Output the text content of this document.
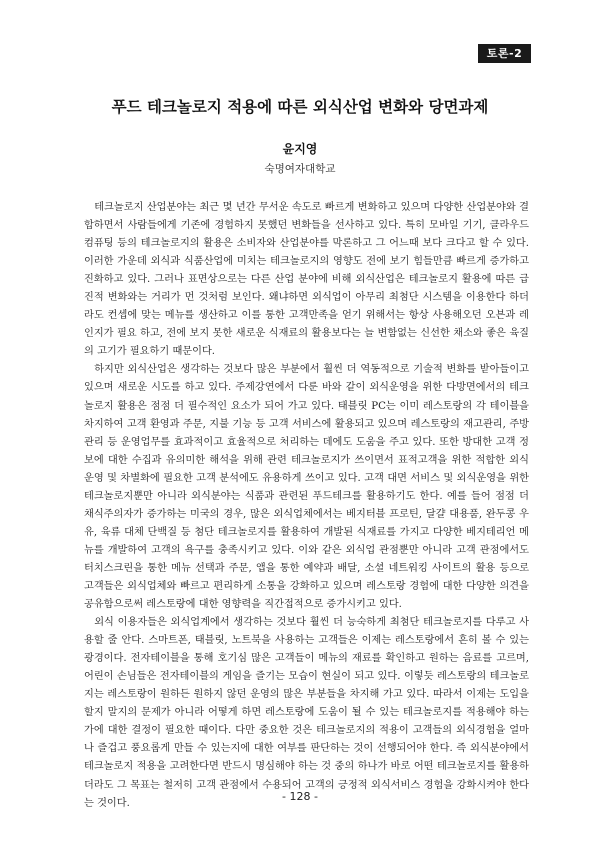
토론-2
푸드 테크놀로지 적용에 따른 외식산업 변화와 당면과제
윤지영
숙명여자대학교

테크놀로지 산업분야는 최근 몇 년간 무서운 속도로 빠르게 변화하고 있으며 다양한 산업분야와 결합하면서 사람들에게 기존에 경험하지 못했던 변화들을 선사하고 있다. 특히 모바일 기기, 클라우드 컴퓨팅 등의 테크놀로지의 활용은 소비자와 산업분야를 막론하고 그 어느때 보다 크다고 할 수 있다. 이러한 가운데 외식과 식품산업에 미치는 테크놀로지의 영향도 전에 보기 힘들만큼 빠르게 증가하고 진화하고 있다. 그러나 표면상으로는 다른 산업 분야에 비해 외식산업은 테크놀로지 활용에 따른 급진적 변화와는 거리가 먼 것처럼 보인다. 왜냐하면 외식업이 아무리 최첨단 시스템을 이용한다 하더라도 컨셉에 맞는 메뉴를 생산하고 이를 통한 고객만족을 얻기 위해서는 항상 사용해오던 오븐과 레인지가 필요 하고, 전에 보지 못한 새로운 식재료의 활용보다는 늘 변함없는 신선한 채소와 좋은 육질의 고기가 필요하기 때문이다.

하지만 외식산업은 생각하는 것보다 많은 부분에서 훨씬 더 역동적으로 기술적 변화를 받아들이고 있으며 새로운 시도를 하고 있다. 주제강연에서 다룬 바와 같이 외식운영을 위한 다방면에서의 테크놀로지 활용은 점점 더 필수적인 요소가 되어 가고 있다. 태블릿 PC는 이미 레스토랑의 각 테이블을 차지하여 고객 환영과 주문, 지불 기능 등 고객 서비스에 활용되고 있으며 레스토랑의 재고관리, 주방관리 등 운영업무를 효과적이고 효율적으로 처리하는 데에도 도움을 주고 있다. 또한 방대한 고객 정보에 대한 수집과 유의미한 해석을 위해 관련 테크놀로지가 쓰이면서 표적고객을 위한 적합한 외식 운영 및 차별화에 필요한 고객 분석에도 유용하게 쓰이고 있다. 고객 대면 서비스 및 외식운영을 위한 테크놀로지뿐만 아니라 외식분야는 식품과 관련된 푸드테크를 활용하기도 한다. 예를 들어 점점 더 채식주의자가 증가하는 미국의 경우, 많은 외식업체에서는 베지터블 프로틴, 달걀 대용품, 완두콩 우유, 육류 대체 단백질 등 첨단 테크놀로지를 활용하여 개발된 식재료를 가지고 다양한 베지테리언 메뉴를 개발하여 고객의 욕구를 충족시키고 있다. 이와 같은 외식업 관점뿐만 아니라 고객 관점에서도 터치스크린을 통한 메뉴 선택과 주문, 앱을 통한 예약과 배달, 소셜 네트워킹 사이트의 활용 등으로 고객들은 외식업체와 빠르고 편리하게 소통을 강화하고 있으며 레스토랑 경험에 대한 다양한 의견을 공유함으로써 레스토랑에 대한 영향력을 직간접적으로 증가시키고 있다.

외식 이용자들은 외식업계에서 생각하는 것보다 훨씬 더 능숙하게 최첨단 테크놀로지를 다루고 사용할 줄 안다. 스마트폰, 태블릿, 노트북을 사용하는 고객들은 이제는 레스토랑에서 흔히 볼 수 있는 광경이다. 전자테이블을 통해 호기심 많은 고객들이 메뉴의 재료를 확인하고 원하는 음료를 고르며, 어린이 손님들은 전자테이블의 게임을 즐기는 모습이 현실이 되고 있다. 이렇듯 레스토랑의 테크놀로지는 레스토랑이 원하든 원하지 않던 운영의 많은 부분들을 차지해 가고 있다. 따라서 이제는 도입을 할지 말지의 문제가 아니라 어떻게 하면 레스토랑에 도움이 될 수 있는 테크놀로지를 적용해야 하는가에 대한 결정이 필요한 때이다. 다만 중요한 것은 테크놀로지의 적용이 고객들의 외식경험을 얼마나 즐겁고 풍요롭게 만들 수 있는지에 대한 여부를 판단하는 것이 선행되어야 한다. 즉 외식분야에서 테크놀로지 적용을 고려한다면 반드시 명심해야 하는 것 중의 하나가 바로 어떤 테크놀로지를 활용하더라도 그 목표는 철저히 고객 관점에서 수용되어 고객의 긍정적 외식서비스 경험을 강화시켜야 한다는 것이다.

- 128 -
